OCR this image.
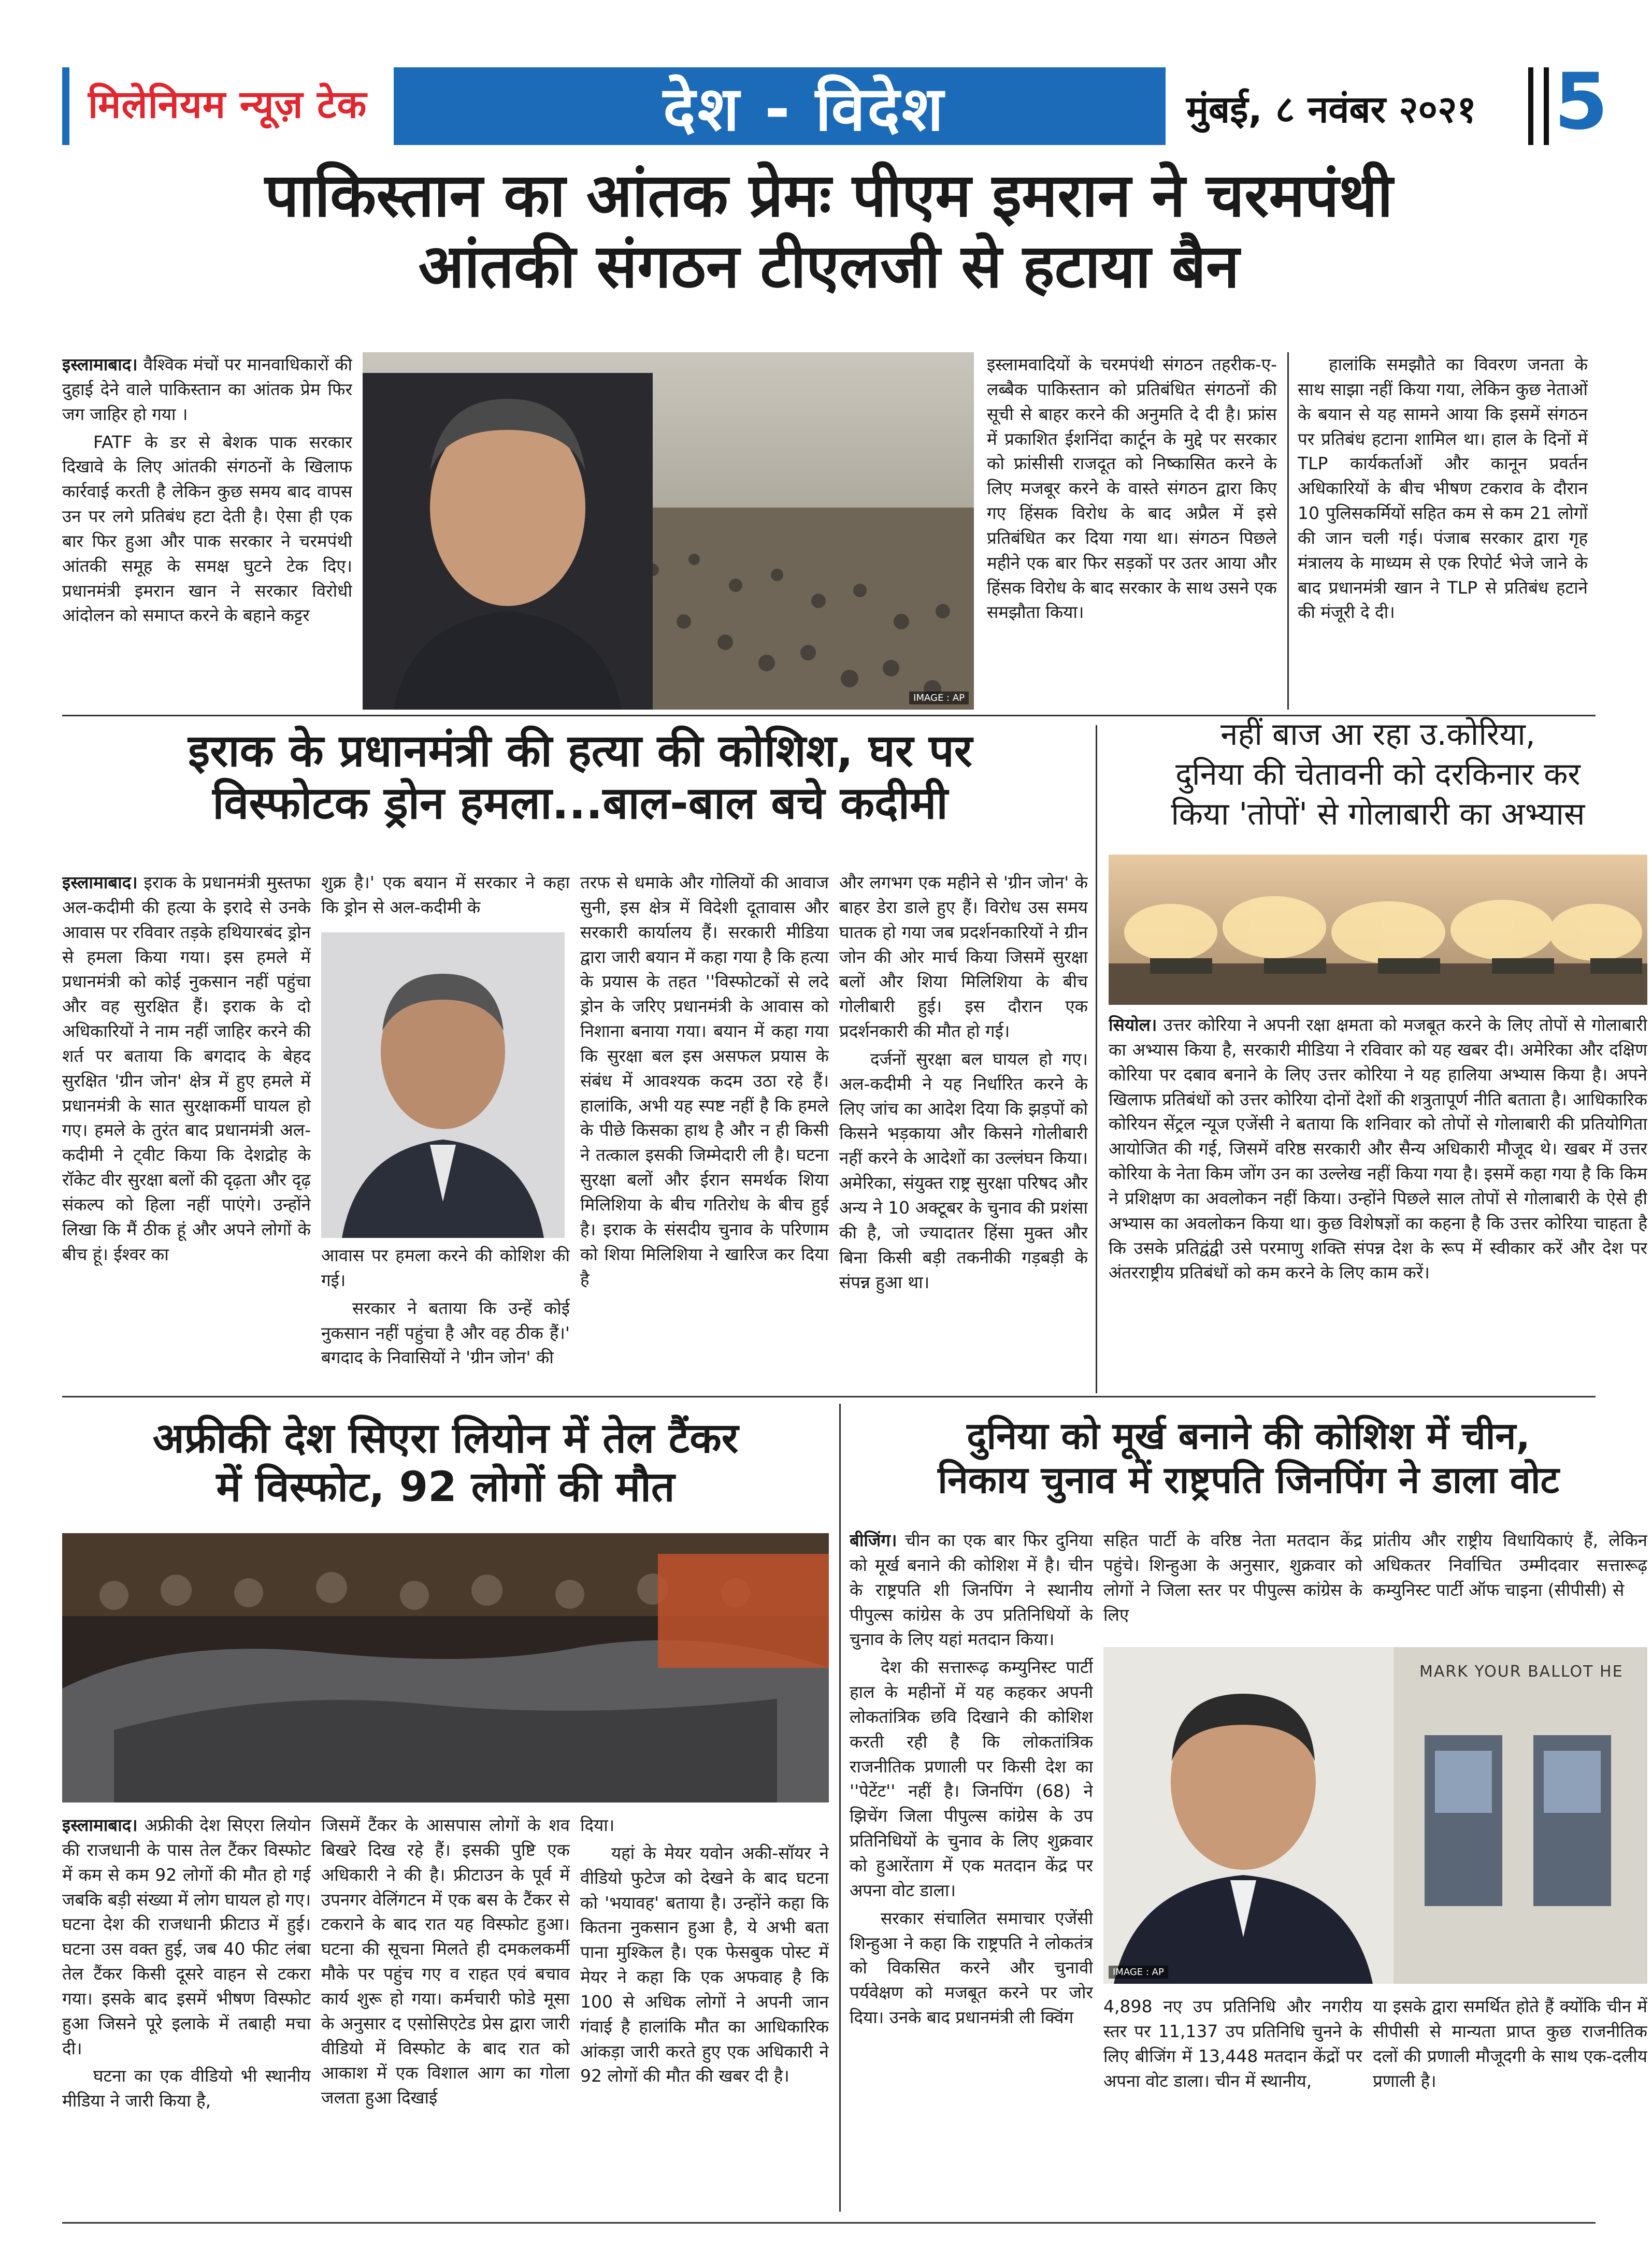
मिलेनियम न्यूज़ टेक	देश - विदेश	मुंबई, ८ नवंबर २०२१ 5
पाकिस्तान का आंतक प्रेमः पीएम इमरान ने चरमपंथी
आंतकी संगठन टीएलजी से हटाया बैन

इस्लामाबाद। वैश्विक मंचों पर मानवाधिकारों की दुहाई देने वाले पाकिस्तान का आंतक प्रेम फिर जग जाहिर हो गया ।

FATF के डर से बेशक पाक सरकार दिखावे के लिए आंतकी संगठनों के खिलाफ कार्रवाई करती है लेकिन कुछ समय बाद वापस उन पर लगे प्रतिबंध हटा देती है। ऐसा ही एक बार फिर हुआ और पाक सरकार ने चरमपंथी आंतकी समूह के समक्ष घुटने टेक दिए। प्रधानमंत्री इमरान खान ने सरकार विरोधी आंदोलन को समाप्त करने के बहाने कट्टर

IMAGE : AP

इस्लामवादियों के चरमपंथी संगठन तहरीक-ए-लब्बैक पाकिस्तान को प्रतिबंधित संगठनों की सूची से बाहर करने की अनुमति दे दी है। फ्रांस में प्रकाशित ईशनिंदा कार्टून के मुद्दे पर सरकार को फ्रांसीसी राजदूत को निष्कासित करने के लिए मजबूर करने के वास्ते संगठन द्वारा किए गए हिंसक विरोध के बाद अप्रैल में इसे प्रतिबंधित कर दिया गया था। संगठन पिछले महीने एक बार फिर सड़कों पर उतर आया और हिंसक विरोध के बाद सरकार के साथ उसने एक समझौता किया।

हालांकि समझौते का विवरण जनता के साथ साझा नहीं किया गया, लेकिन कुछ नेताओं के बयान से यह सामने आया कि इसमें संगठन पर प्रतिबंध हटाना शामिल था। हाल के दिनों में TLP कार्यकर्ताओं और कानून प्रवर्तन अधिकारियों के बीच भीषण टकराव के दौरान 10 पुलिसकर्मियों सहित कम से कम 21 लोगों की जान चली गई। पंजाब सरकार द्वारा गृह मंत्रालय के माध्यम से एक रिपोर्ट भेजे जाने के बाद प्रधानमंत्री खान ने TLP से प्रतिबंध हटाने की मंजूरी दे दी।

इराक के प्रधानमंत्री की हत्या की कोशिश, घर पर
विस्फोटक ड्रोन हमला...बाल-बाल बचे कदीमी

इस्लामाबाद। इराक के प्रधानमंत्री मुस्तफा अल-कदीमी की हत्या के इरादे से उनके आवास पर रविवार तड़के हथियारबंद ड्रोन से हमला किया गया। इस हमले में प्रधानमंत्री को कोई नुकसान नहीं पहुंचा और वह सुरक्षित हैं। इराक के दो अधिकारियों ने नाम नहीं जाहिर करने की शर्त पर बताया कि बगदाद के बेहद सुरक्षित 'ग्रीन जोन' क्षेत्र में हुए हमले में प्रधानमंत्री के सात सुरक्षाकर्मी घायल हो गए। हमले के तुरंत बाद प्रधानमंत्री अल-कदीमी ने ट्वीट किया कि देशद्रोह के रॉकेट वीर सुरक्षा बलों की दृढ़ता और दृढ़ संकल्प को हिला नहीं पाएंगे। उन्होंने लिखा कि मैं ठीक हूं और अपने लोगों के बीच हूं। ईश्वर का

शुक्र है।' एक बयान में सरकार ने कहा कि ड्रोन से अल-कदीमी के

आवास पर हमला करने की कोशिश की गई।

सरकार ने बताया कि उन्हें कोई नुकसान नहीं पहुंचा है और वह ठीक हैं।' बगदाद के निवासियों ने 'ग्रीन जोन' की

तरफ से धमाके और गोलियों की आवाज सुनी, इस क्षेत्र में विदेशी दूतावास और सरकारी कार्यालय हैं। सरकारी मीडिया द्वारा जारी बयान में कहा गया है कि हत्या के प्रयास के तहत ''विस्फोटकों से लदे ड्रोन के जरिए प्रधानमंत्री के आवास को निशाना बनाया गया। बयान में कहा गया कि सुरक्षा बल इस असफल प्रयास के संबंध में आवश्यक कदम उठा रहे हैं। हालांकि, अभी यह स्पष्ट नहीं है कि हमले के पीछे किसका हाथ है और न ही किसी ने तत्काल इसकी जिम्मेदारी ली है। घटना सुरक्षा बलों और ईरान समर्थक शिया मिलिशिया के बीच गतिरोध के बीच हुई है। इराक के संसदीय चुनाव के परिणाम को शिया मिलिशिया ने खारिज कर दिया है

और लगभग एक महीने से 'ग्रीन जोन' के बाहर डेरा डाले हुए हैं। विरोध उस समय घातक हो गया जब प्रदर्शनकारियों ने ग्रीन जोन की ओर मार्च किया जिसमें सुरक्षा बलों और शिया मिलिशिया के बीच गोलीबारी हुई। इस दौरान एक प्रदर्शनकारी की मौत हो गई।

दर्जनों सुरक्षा बल घायल हो गए। अल-कदीमी ने यह निर्धारित करने के लिए जांच का आदेश दिया कि झड़पों को किसने भड़काया और किसने गोलीबारी नहीं करने के आदेशों का उल्लंघन किया। अमेरिका, संयुक्त राष्ट्र सुरक्षा परिषद और अन्य ने 10 अक्टूबर के चुनाव की प्रशंसा की है, जो ज्यादातर हिंसा मुक्त और बिना किसी बड़ी तकनीकी गड़बड़ी के संपन्न हुआ था।

नहीं बाज आ रहा उ.कोरिया,
दुनिया की चेतावनी को दरकिनार कर
किया 'तोपों' से गोलाबारी का अभ्यास

सियोल। उत्तर कोरिया ने अपनी रक्षा क्षमता को मजबूत करने के लिए तोपों से गोलाबारी का अभ्यास किया है, सरकारी मीडिया ने रविवार को यह खबर दी। अमेरिका और दक्षिण कोरिया पर दबाव बनाने के लिए उत्तर कोरिया ने यह हालिया अभ्यास किया है। अपने खिलाफ प्रतिबंधों को उत्तर कोरिया दोनों देशों की शत्रुतापूर्ण नीति बताता है। आधिकारिक कोरियन सेंट्रल न्यूज एजेंसी ने बताया कि शनिवार को तोपों से गोलाबारी की प्रतियोगिता आयोजित की गई, जिसमें वरिष्ठ सरकारी और सैन्य अधिकारी मौजूद थे। खबर में उत्तर कोरिया के नेता किम जोंग उन का उल्लेख नहीं किया गया है। इसमें कहा गया है कि किम ने प्रशिक्षण का अवलोकन नहीं किया। उन्होंने पिछले साल तोपों से गोलाबारी के ऐसे ही अभ्यास का अवलोकन किया था। कुछ विशेषज्ञों का कहना है कि उत्तर कोरिया चाहता है कि उसके प्रतिद्वंद्वी उसे परमाणु शक्ति संपन्न देश के रूप में स्वीकार करें और देश पर अंतरराष्ट्रीय प्रतिबंधों को कम करने के लिए काम करें।

अफ्रीकी देश सिएरा लियोन में तेल टैंकर
में विस्फोट, 92 लोगों की मौत

इस्लामाबाद। अफ्रीकी देश सिएरा लियोन की राजधानी के पास तेल टैंकर विस्फोट में कम से कम 92 लोगों की मौत हो गई जबकि बड़ी संख्या में लोग घायल हो गए। घटना देश की राजधानी फ्रीटाउ में हुई। घटना उस वक्त हुई, जब 40 फीट लंबा तेल टैंकर किसी दूसरे वाहन से टकरा गया। इसके बाद इसमें भीषण विस्फोट हुआ जिसने पूरे इलाके में तबाही मचा दी।

घटना का एक वीडियो भी स्थानीय मीडिया ने जारी किया है,

जिसमें टैंकर के आसपास लोगों के शव बिखरे दिख रहे हैं। इसकी पुष्टि एक अधिकारी ने की है। फ्रीटाउन के पूर्व में उपनगर वेलिंगटन में एक बस के टैंकर से टकराने के बाद रात यह विस्फोट हुआ। घटना की सूचना मिलते ही दमकलकर्मी मौके पर पहुंच गए व राहत एवं बचाव कार्य शुरू हो गया। कर्मचारी फोडे मूसा के अनुसार द एसोसिएटेड प्रेस द्वारा जारी वीडियो में विस्फोट के बाद रात को आकाश में एक विशाल आग का गोला जलता हुआ दिखाई

दिया।

यहां के मेयर यवोन अकी-सॉयर ने वीडियो फुटेज को देखने के बाद घटना को 'भयावह' बताया है। उन्होंने कहा कि कितना नुकसान हुआ है, ये अभी बता पाना मुश्किल है। एक फेसबुक पोस्ट में मेयर ने कहा कि एक अफवाह है कि 100 से अधिक लोगों ने अपनी जान गंवाई है हालांकि मौत का आधिकारिक आंकड़ा जारी करते हुए एक अधिकारी ने 92 लोगों की मौत की खबर दी है।

दुनिया को मूर्ख बनाने की कोशिश में चीन,
निकाय चुनाव में राष्ट्रपति जिनपिंग ने डाला वोट

बीजिंग। चीन का एक बार फिर दुनिया को मूर्ख बनाने की कोशिश में है। चीन के राष्ट्रपति शी जिनपिंग ने स्थानीय पीपुल्स कांग्रेस के उप प्रतिनिधियों के चुनाव के लिए यहां मतदान किया।

देश की सत्तारूढ़ कम्युनिस्ट पार्टी हाल के महीनों में यह कहकर अपनी लोकतांत्रिक छवि दिखाने की कोशिश करती रही है कि लोकतांत्रिक राजनीतिक प्रणाली पर किसी देश का ''पेटेंट'' नहीं है। जिनपिंग (68) ने झिचेंग जिला पीपुल्स कांग्रेस के उप प्रतिनिधियों के चुनाव के लिए शुक्रवार को हुआरेंताग में एक मतदान केंद्र पर अपना वोट डाला।

सरकार संचालित समाचार एजेंसी शिन्हुआ ने कहा कि राष्ट्रपति ने लोकतंत्र को विकसित करने और चुनावी पर्यवेक्षण को मजबूत करने पर जोर दिया। उनके बाद प्रधानमंत्री ली क्विंग

सहित पार्टी के वरिष्ठ नेता मतदान केंद्र पहुंचे। शिन्हुआ के अनुसार, शुक्रवार को लोगों ने जिला स्तर पर पीपुल्स कांग्रेस के लिए

प्रांतीय और राष्ट्रीय विधायिकाएं हैं, लेकिन अधिकतर निर्वाचित उम्मीदवार सत्तारूढ़ कम्युनिस्ट पार्टी ऑफ चाइना (सीपीसी) से

MARK YOUR BALLOT HE
IMAGE : AP

4,898 नए उप प्रतिनिधि और नगरीय स्तर पर 11,137 उप प्रतिनिधि चुनने के लिए बीजिंग में 13,448 मतदान केंद्रों पर अपना वोट डाला। चीन में स्थानीय,

या इसके द्वारा समर्थित होते हैं क्योंकि चीन में सीपीसी से मान्यता प्राप्त कुछ राजनीतिक दलों की प्रणाली मौजूदगी के साथ एक-दलीय प्रणाली है।
